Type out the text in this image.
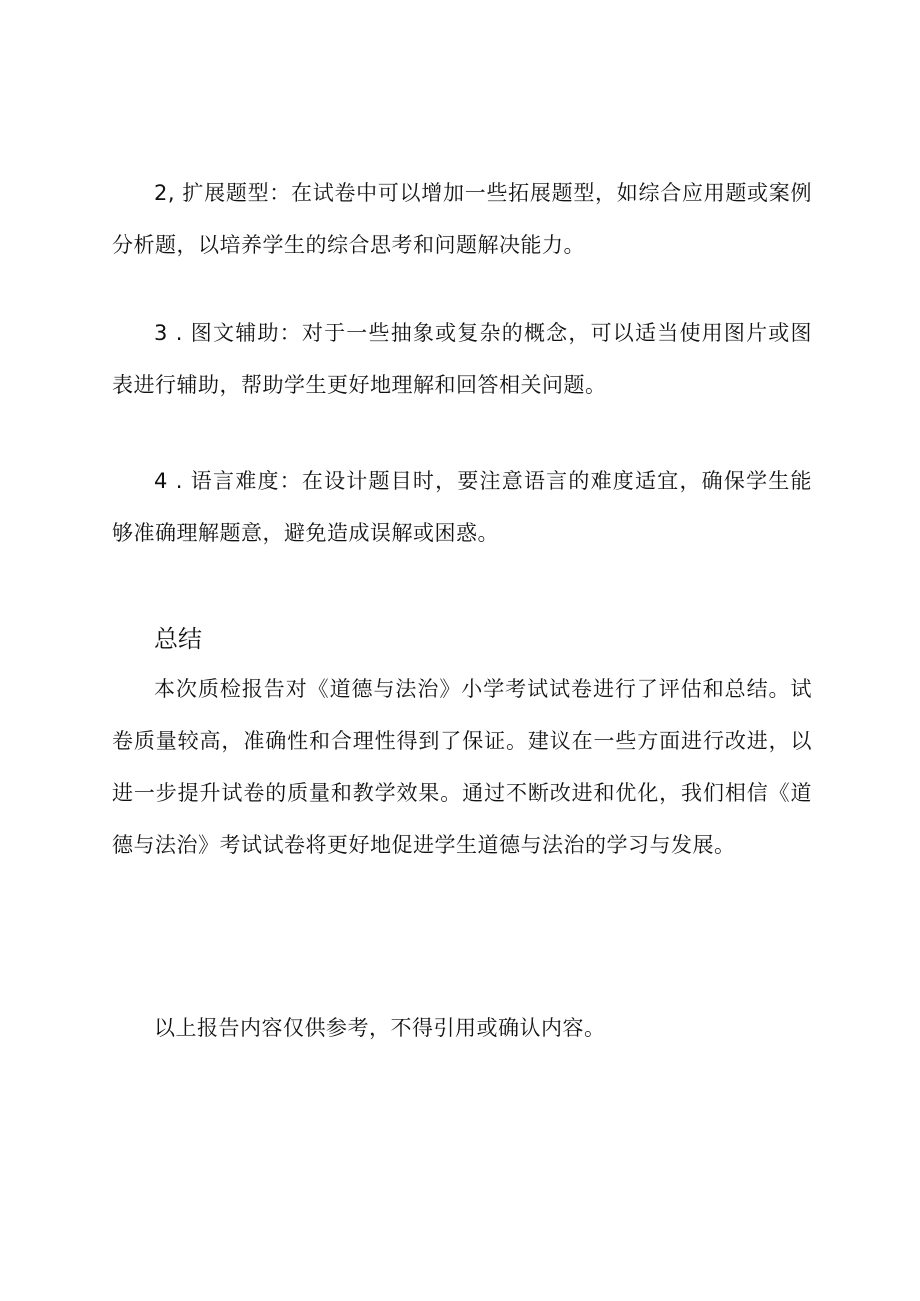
2, 扩展题型：在试卷中可以增加一些拓展题型，如综合应用题或案例分析题，以培养学生的综合思考和问题解决能力。

3 . 图文辅助：对于一些抽象或复杂的概念，可以适当使用图片或图表进行辅助，帮助学生更好地理解和回答相关问题。

4 . 语言难度：在设计题目时，要注意语言的难度适宜，确保学生能够准确理解题意，避免造成误解或困惑。

总结

本次质检报告对《道德与法治》小学考试试卷进行了评估和总结。试卷质量较高，准确性和合理性得到了保证。建议在一些方面进行改进，以进一步提升试卷的质量和教学效果。通过不断改进和优化，我们相信《道德与法治》考试试卷将更好地促进学生道德与法治的学习与发展。

以上报告内容仅供参考，不得引用或确认内容。
